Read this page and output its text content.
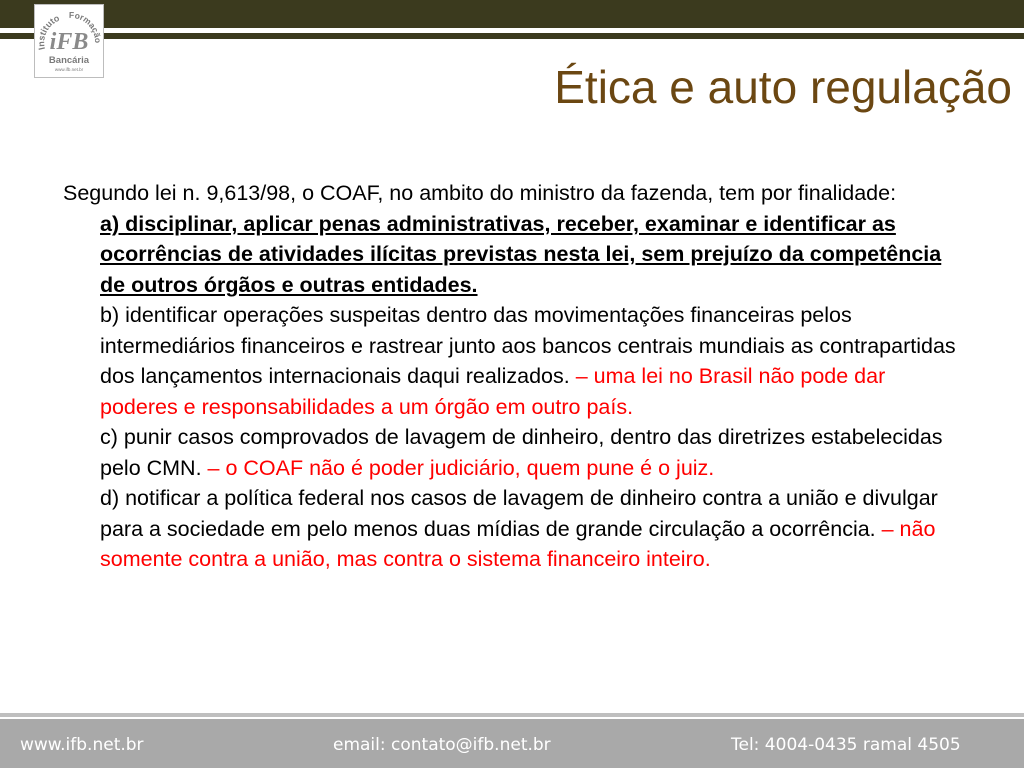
Instituto Formação
iFB
Bancária
www.ifb.net.br	Ética e auto regulação

Segundo lei n. 9,613/98, o COAF, no ambito do ministro da fazenda, tem por finalidade:

a) disciplinar, aplicar penas administrativas, receber, examinar e identificar as ocorrências de atividades ilícitas previstas nesta lei, sem prejuízo da competência de outros órgãos e outras entidades.

b) identificar operações suspeitas dentro das movimentações financeiras pelos intermediários financeiros e rastrear junto aos bancos centrais mundiais as contrapartidas dos lançamentos internacionais daqui realizados. – uma lei no Brasil não pode dar poderes e responsabilidades a um órgão em outro país.

c) punir casos comprovados de lavagem de dinheiro, dentro das diretrizes estabelecidas pelo CMN. – o COAF não é poder judiciário, quem pune é o juiz.

d) notificar a política federal nos casos de lavagem de dinheiro contra a união e divulgar para a sociedade em pelo menos duas mídias de grande circulação a ocorrência. – não somente contra a união, mas contra o sistema financeiro inteiro.

www.ifb.net.br	email: contato@ifb.net.br	Tel: 4004-0435 ramal 4505
